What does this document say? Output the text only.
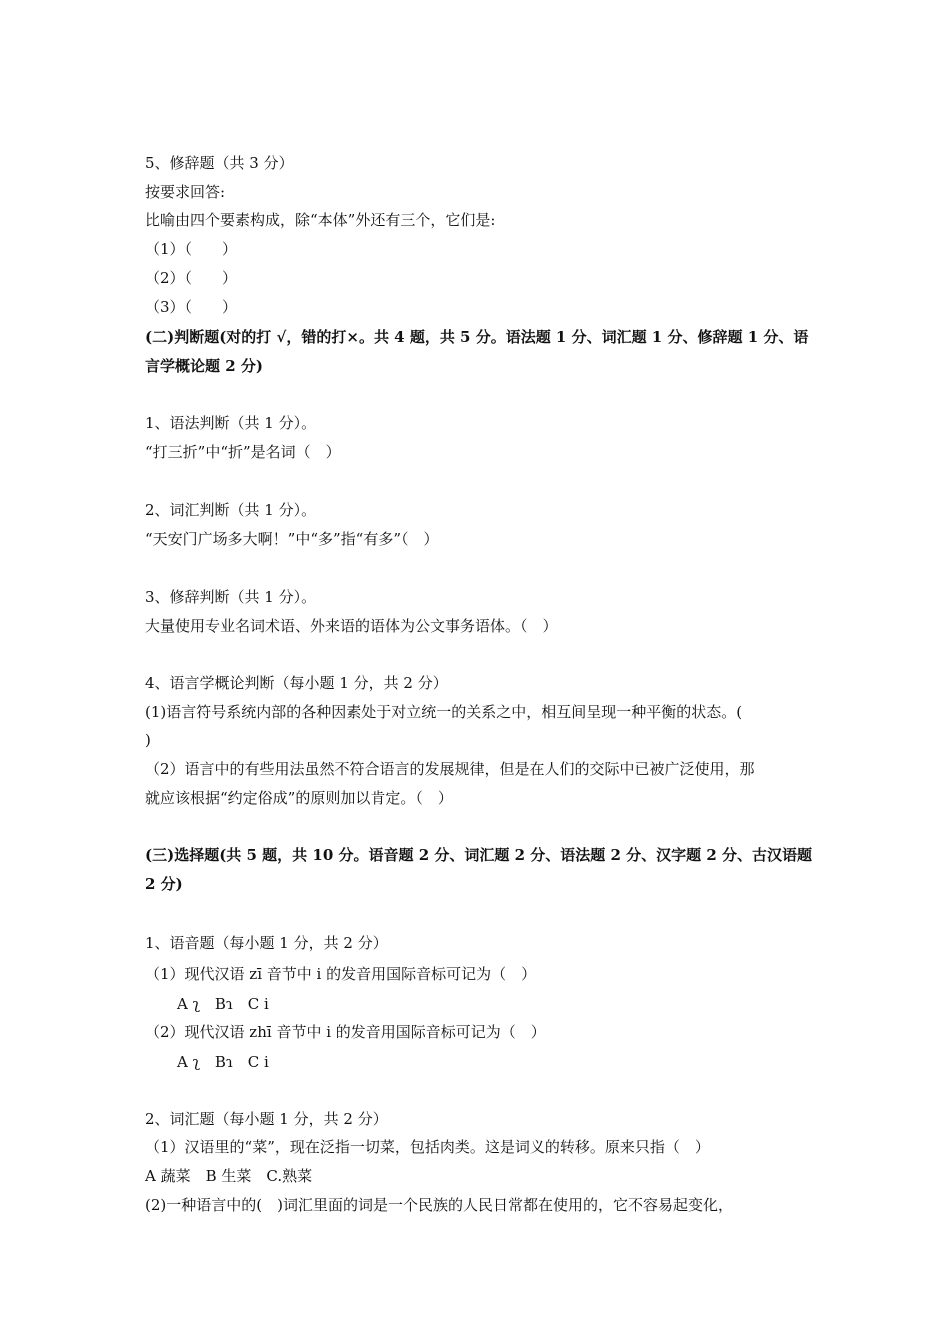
5、修辞题（共 3 分）
按要求回答:
比喻由四个要素构成，除“本体”外还有三个，它们是:
（1）（　　）
（2）（　　）
（3）（　　）
(二)判断题(对的打 √，错的打×。共 4 题，共 5 分。语法题 1 分、词汇题 1 分、修辞题 1 分、语
言学概论题 2 分)
1、语法判断（共 1 分）。
“打三折”中“折”是名词（　）
2、词汇判断（共 1 分）。
“天安门广场多大啊！”中“多”指“有多”（　）
3、修辞判断（共 1 分）。
大量使用专业名词术语、外来语的语体为公文事务语体。（　）
4、语言学概论判断（每小题 1 分，共 2 分）
(1)语言符号系统内部的各种因素处于对立统一的关系之中，相互间呈现一种平衡的状态。(
)
（2）语言中的有些用法虽然不符合语言的发展规律，但是在人们的交际中已被广泛使用，那
就应该根据“约定俗成”的原则加以肯定。（　）
(三)选择题(共 5 题，共 10 分。语音题 2 分、词汇题 2 分、语法题 2 分、汉字题 2 分、古汉语题
2 分)
1、语音题（每小题 1 分，共 2 分）
（1）现代汉语 zī 音节中 i 的发音用国际音标可记为（　）
A ʅ　Bɿ　C i
（2）现代汉语 zhī 音节中 i 的发音用国际音标可记为（　）
A ʅ　Bɿ　C i
2、词汇题（每小题 1 分，共 2 分）
（1）汉语里的“菜”，现在泛指一切菜，包括肉类。这是词义的转移。原来只指（　）
A 蔬菜　B 生菜　C.熟菜
(2)一种语言中的(　)词汇里面的词是一个民族的人民日常都在使用的，它不容易起变化，
